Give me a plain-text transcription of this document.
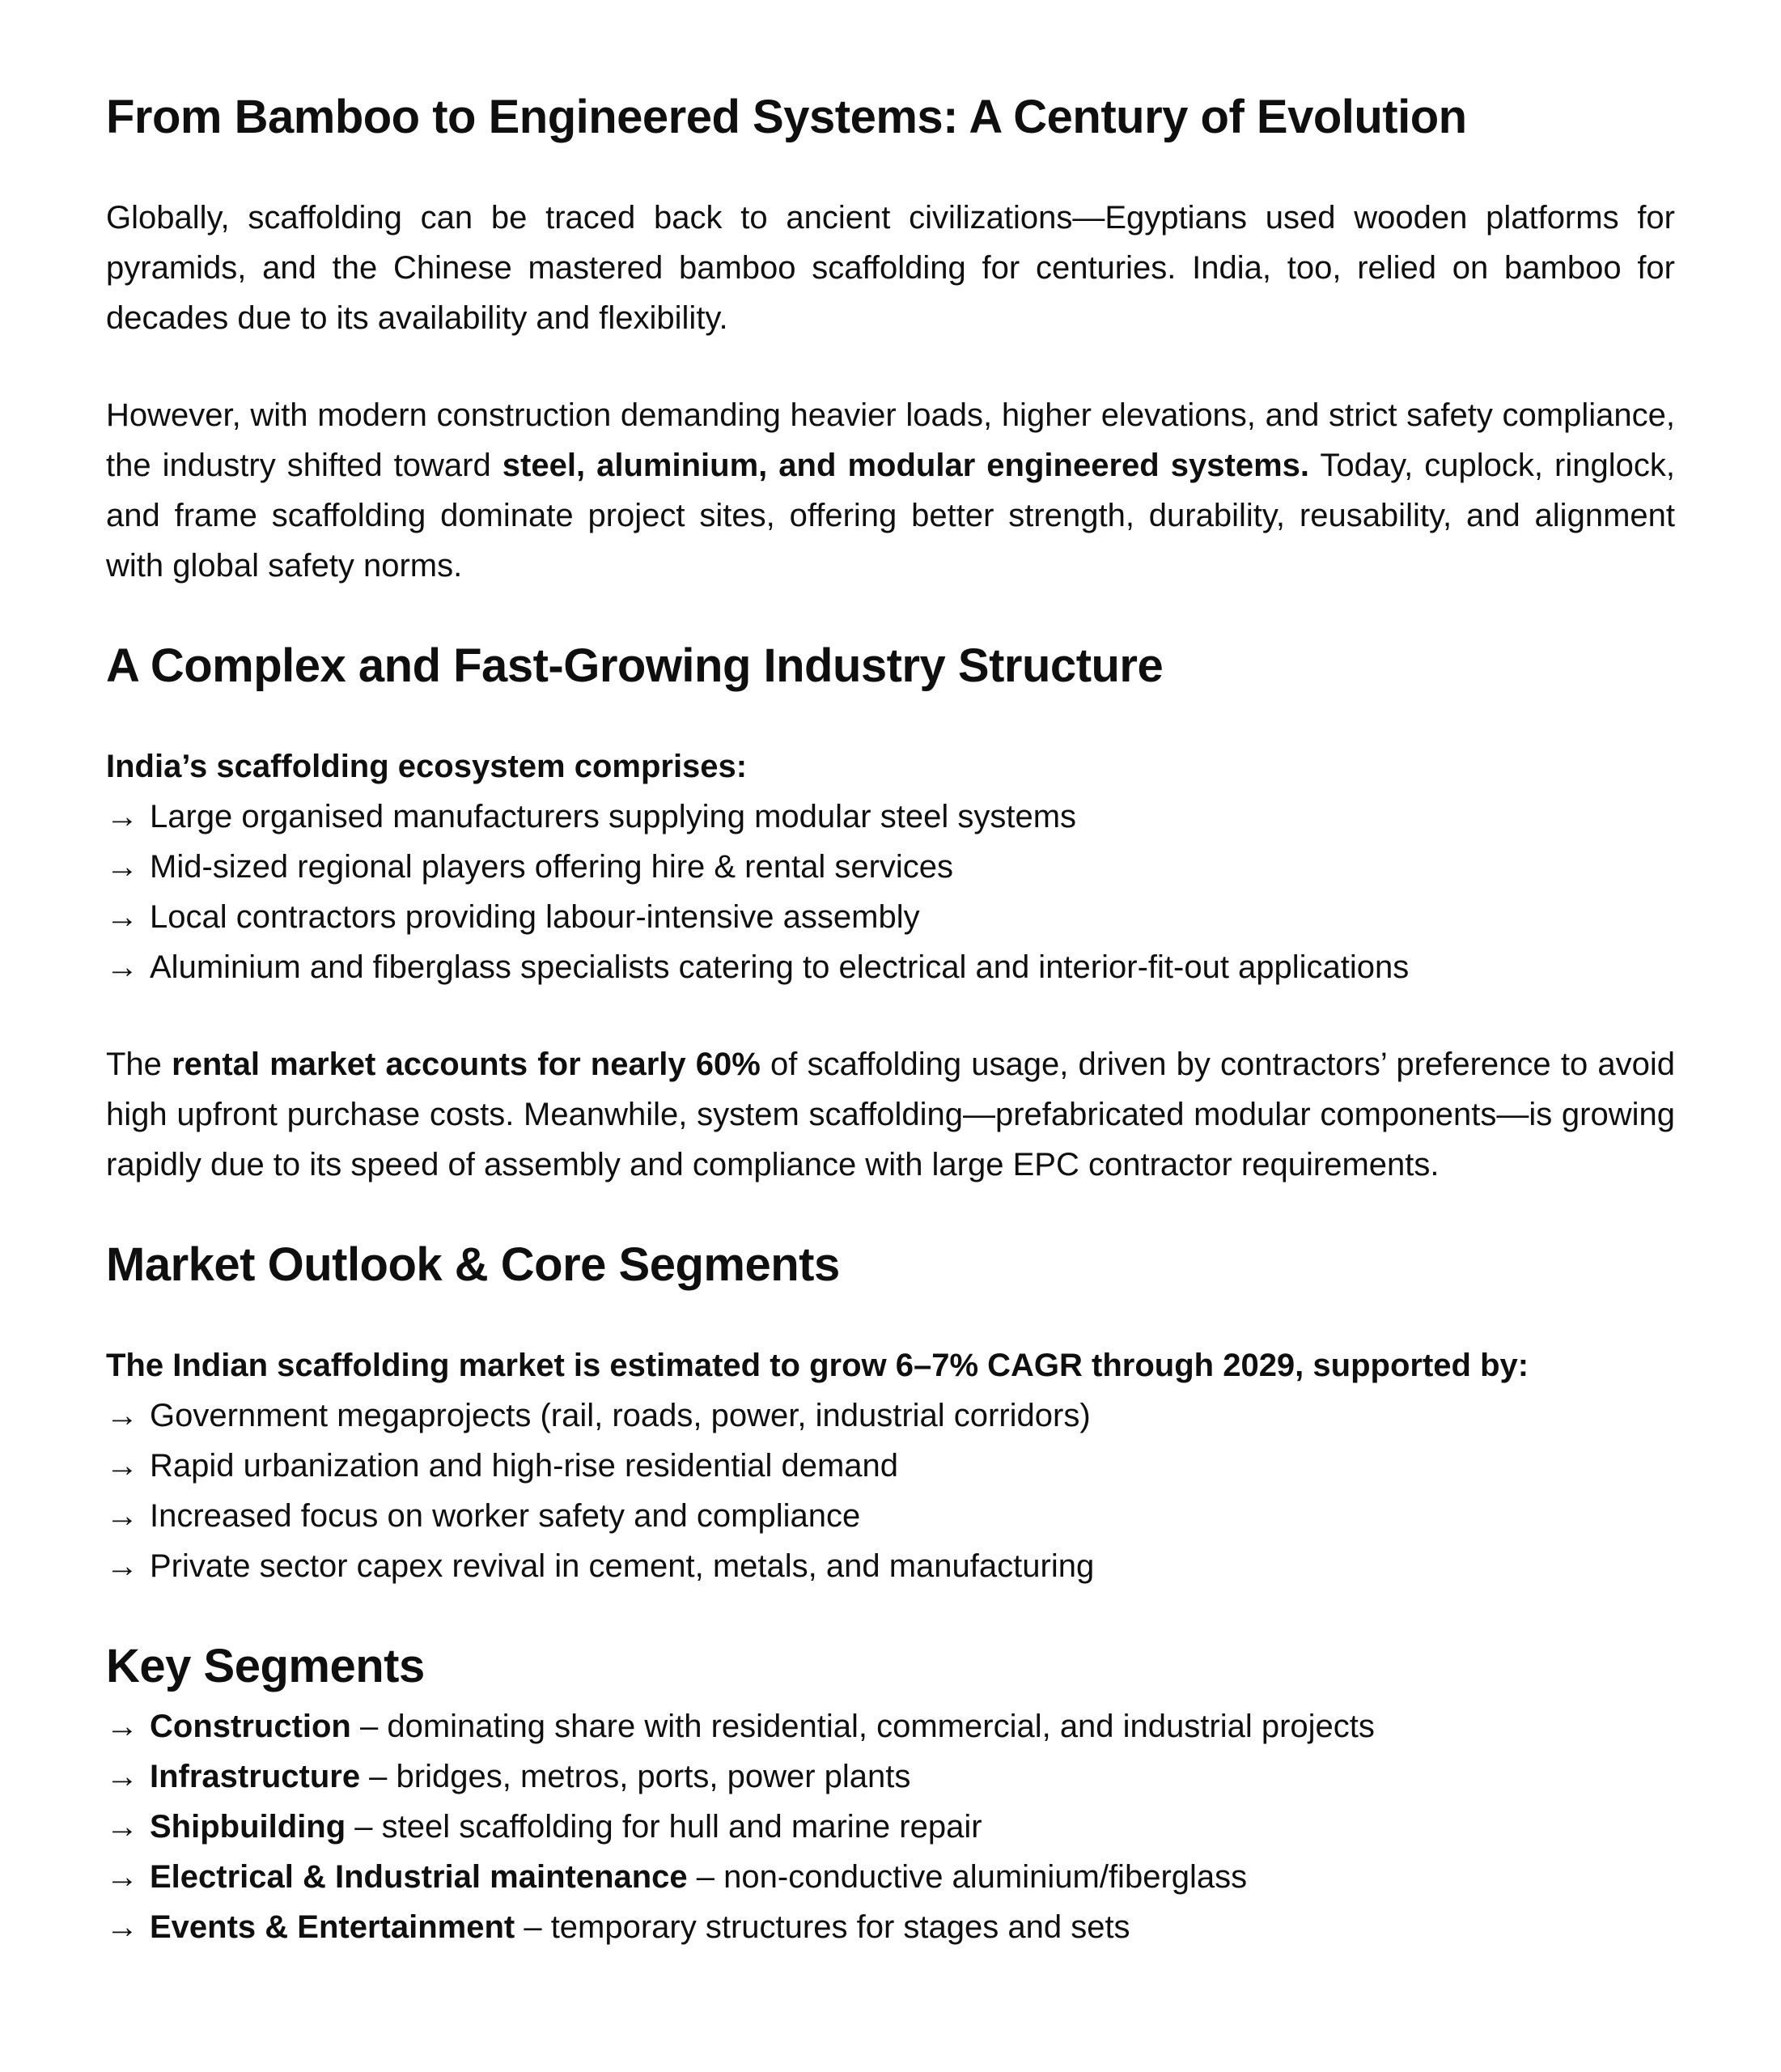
From Bamboo to Engineered Systems: A Century of Evolution

Globally, scaffolding can be traced back to ancient civilizations—Egyptians used wooden platforms for pyramids, and the Chinese mastered bamboo scaffolding for centuries. India, too, relied on bamboo for decades due to its availability and flexibility.

However, with modern construction demanding heavier loads, higher elevations, and strict safety compliance, the industry shifted toward steel, aluminium, and modular engineered systems. Today, cuplock, ringlock, and frame scaffolding dominate project sites, offering better strength, durability, reusability, and alignment with global safety norms.

A Complex and Fast-Growing Industry Structure

India’s scaffolding ecosystem comprises:

→ Large organised manufacturers supplying modular steel systems
→ Mid-sized regional players offering hire & rental services
→ Local contractors providing labour-intensive assembly
→ Aluminium and fiberglass specialists catering to electrical and interior-fit-out applications

The rental market accounts for nearly 60% of scaffolding usage, driven by contractors’ preference to avoid high upfront purchase costs. Meanwhile, system scaffolding—prefabricated modular components—is growing rapidly due to its speed of assembly and compliance with large EPC contractor requirements.

Market Outlook & Core Segments

The Indian scaffolding market is estimated to grow 6–7% CAGR through 2029, supported by:

→ Government megaprojects (rail, roads, power, industrial corridors)
→ Rapid urbanization and high-rise residential demand
→ Increased focus on worker safety and compliance
→ Private sector capex revival in cement, metals, and manufacturing
Key Segments
→ Construction – dominating share with residential, commercial, and industrial projects
→ Infrastructure – bridges, metros, ports, power plants
→ Shipbuilding – steel scaffolding for hull and marine repair
→ Electrical & Industrial maintenance – non-conductive aluminium/fiberglass
→ Events & Entertainment – temporary structures for stages and sets
